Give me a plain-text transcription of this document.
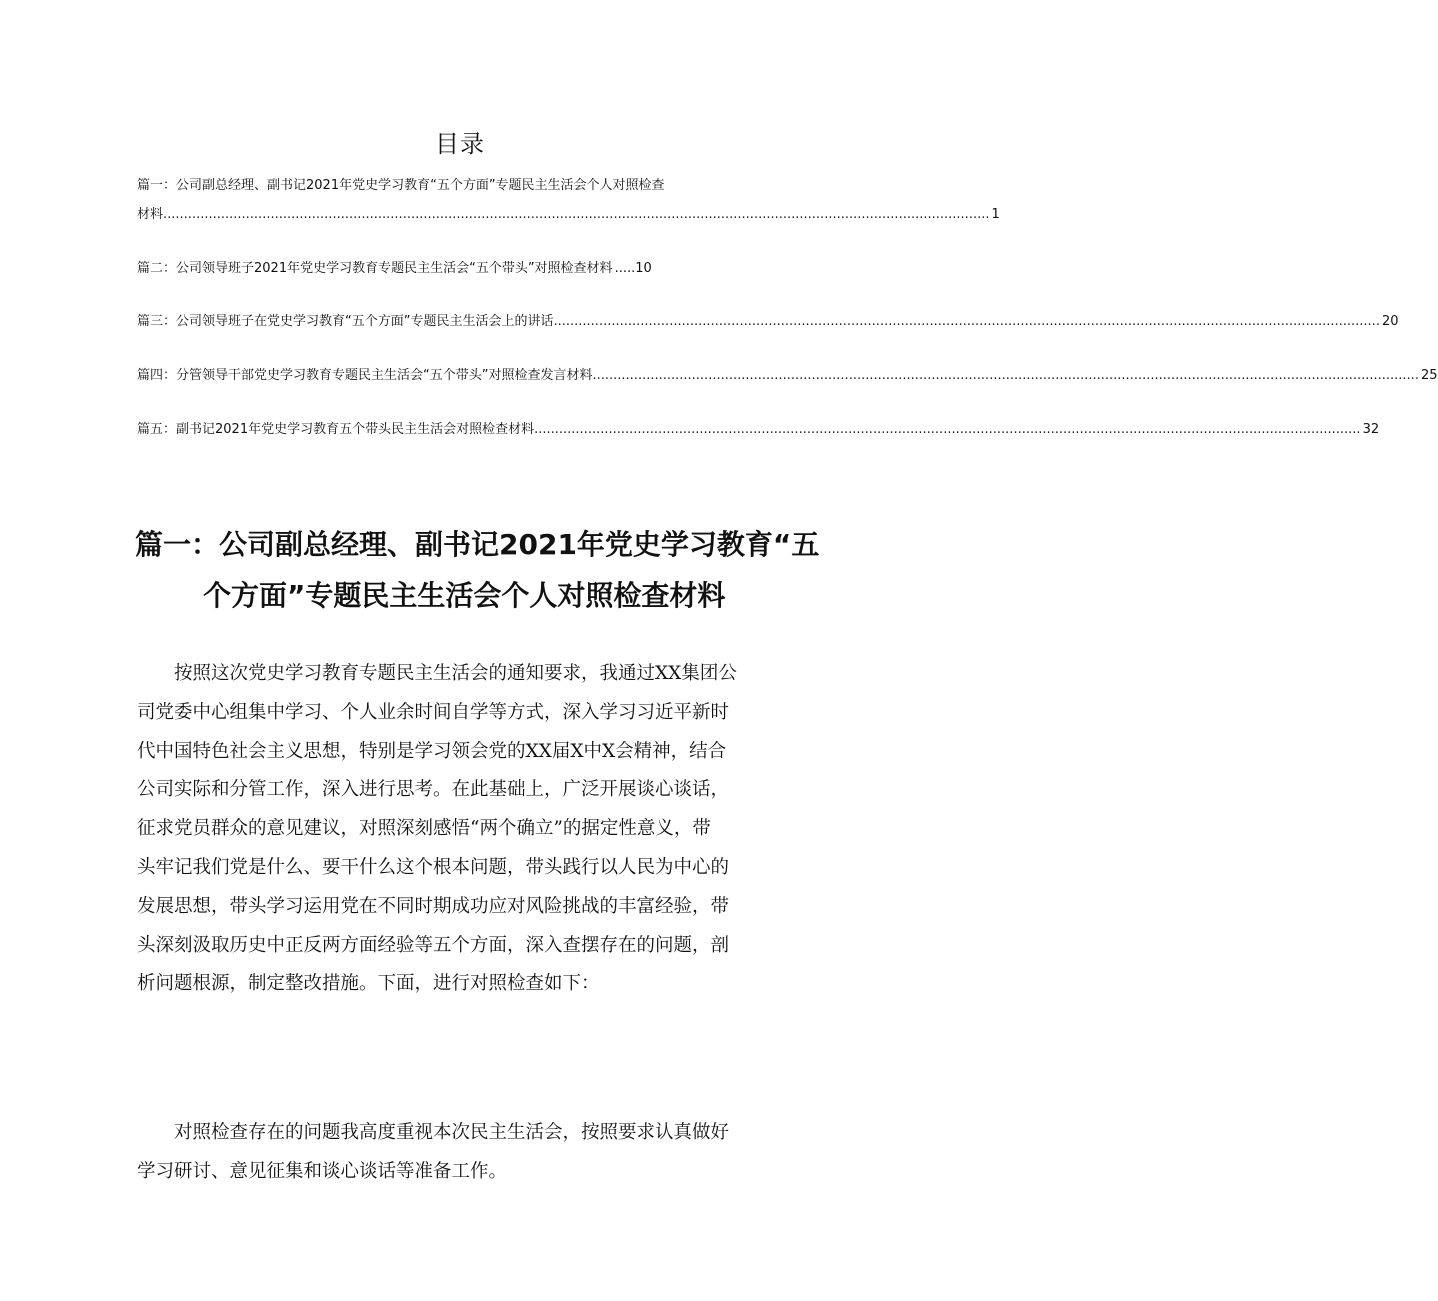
目录
篇一：公司副总经理、副书记2021年党史学习教育“五个方面”专题民主生活会个人对照检查
材料 ........................................................................................................................................................................................................ 1
篇二：公司领导班子2021年党史学习教育专题民主生活会“五个带头”对照检查材料 ..... 10
篇三：公司领导班子在党史学习教育“五个方面”专题民主生活会上的讲话 ........................................................................................................................................................................................................ 20
篇四：分管领导干部党史学习教育专题民主生活会“五个带头”对照检查发言材料 ........................................................................................................................................................................................................ 25
篇五：副书记2021年党史学习教育五个带头民主生活会对照检查材料 ........................................................................................................................................................................................................ 32
篇一：公司副总经理、副书记2021年党史学习教育“五
个方面”专题民主生活会个人对照检查材料
　　按照这次党史学习教育专题民主生活会的通知要求，我通过XX集团公
司党委中心组集中学习、个人业余时间自学等方式，深入学习习近平新时
代中国特色社会主义思想，特别是学习领会党的XX届X中X会精神，结合
公司实际和分管工作，深入进行思考。在此基础上，广泛开展谈心谈话，
征求党员群众的意见建议，对照深刻感悟“两个确立”的据定性意义，带
头牢记我们党是什么、要干什么这个根本问题，带头践行以人民为中心的
发展思想，带头学习运用党在不同时期成功应对风险挑战的丰富经验，带
头深刻汲取历史中正反两方面经验等五个方面，深入查摆存在的问题，剖
析问题根源，制定整改措施。下面，进行对照检查如下：
　　对照检查存在的问题我高度重视本次民主生活会，按照要求认真做好
学习研讨、意见征集和谈心谈话等准备工作。
